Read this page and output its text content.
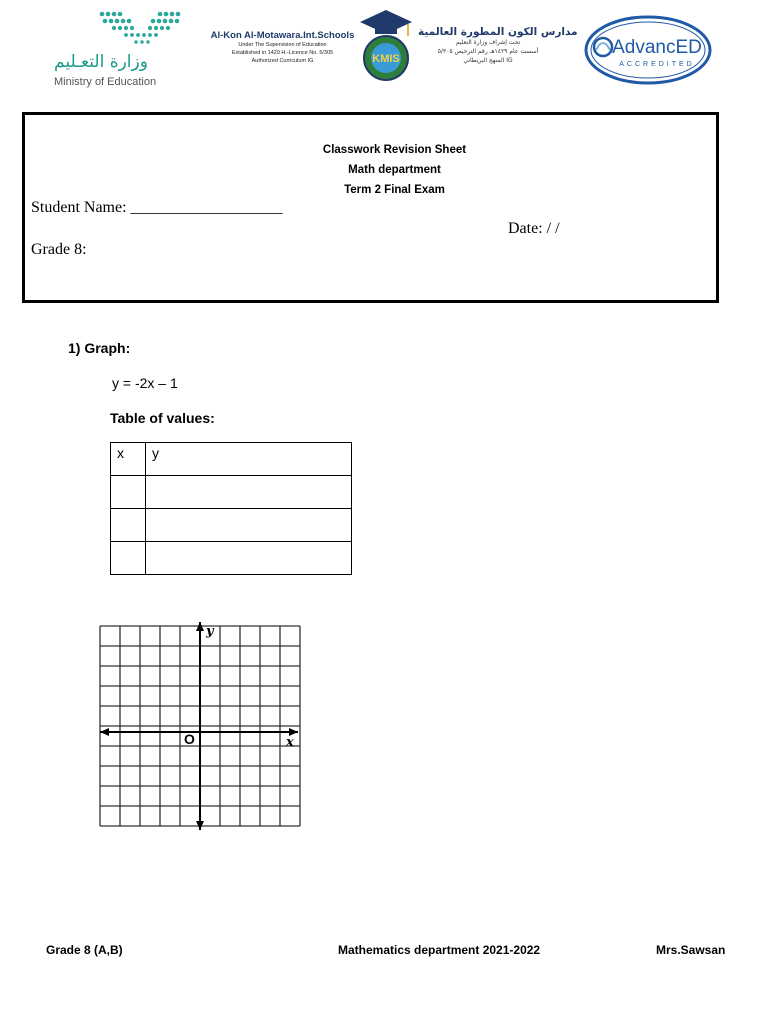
وزارة التعـليم
Ministry of Education
Al-Kon Al-Motawara.Int.Schools
Under The Supervision of Education
Established in 1429 H.-Licence No. 5/305
Authorized Curriculum IG	KMIS
مدارس الكون المطورة العالمية
تحت إشراف وزارة التعليم
أسست عام ١٤٢٩هـ رقم الترخيص ٥/٣٠٥
المنهج البريطاني IG
AdvancED
ACCREDITED
Classwork Revision Sheet
Math department
Term 2 Final Exam
Student Name: ___________________
Date: / /
Grade 8:
1) Graph:
y = -2x – 1
Table of values:
x	y

y
x
O
Grade 8 (A,B)	Mathematics department 2021-2022	Mrs.Sawsan
